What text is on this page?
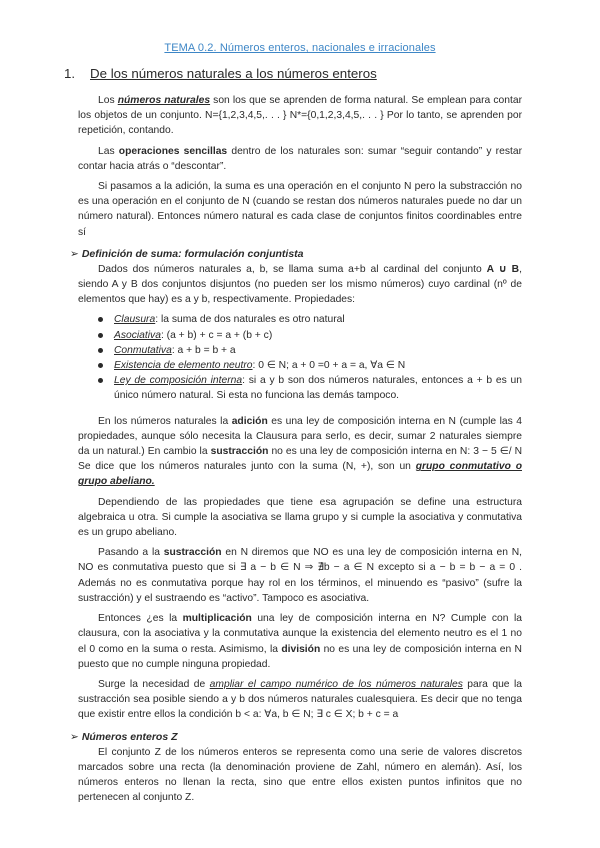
TEMA 0.2. Números enteros, nacionales e irracionales
1.	De los números naturales a los números enteros

Los números naturales son los que se aprenden de forma natural. Se emplean para contar los objetos de un conjunto. N={1,2,3,4,5,. . . } N*={0,1,2,3,4,5,. . . } Por lo tanto, se aprenden por repetición, contando.

Las operaciones sencillas dentro de los naturales son: sumar “seguir contando” y restar contar hacia atrás o “descontar”.

Si pasamos a la adición, la suma es una operación en el conjunto N pero la substracción no es una operación en el conjunto de N (cuando se restan dos números naturales puede no dar un número natural). Entonces número natural es cada clase de conjuntos finitos coordinables entre sí

➢ Definición de suma: formulación conjuntista

Dados dos números naturales a, b, se llama suma a+b al cardinal del conjunto A ∪ B, siendo A y B dos conjuntos disjuntos (no pueden ser los mismo números) cuyo cardinal (nº de elementos que hay) es a y b, respectivamente. Propiedades:

Clausura: la suma de dos naturales es otro natural
Asociativa: (a + b) + c = a + (b + c)
Conmutativa: a + b = b + a
Existencia de elemento neutro: 0 ∈ N; a + 0 =0 + a = a, ∀a ∈ N
Ley de composición interna: si a y b son dos números naturales, entonces a + b es un único número natural. Si esta no funciona las demás tampoco.

En los números naturales la adición es una ley de composición interna en N (cumple las 4 propiedades, aunque sólo necesita la Clausura para serlo, es decir, sumar 2 naturales siempre da un natural.) En cambio la sustracción no es una ley de composición interna en N: 3 − 5 ∈/ N Se dice que los números naturales junto con la suma (N, +), son un grupo conmutativo o grupo abeliano.

Dependiendo de las propiedades que tiene esa agrupación se define una estructura algebraica u otra. Si cumple la asociativa se llama grupo y si cumple la asociativa y conmutativa es un grupo abeliano.

Pasando a la sustracción en N diremos que NO es una ley de composición interna en N, NO es conmutativa puesto que si ∃ a − b ∈ N ⇒ ∄b − a ∈ N excepto si a − b = b − a = 0 . Además no es conmutativa porque hay rol en los términos, el minuendo es “pasivo” (sufre la sustracción) y el sustraendo es “activo”. Tampoco es asociativa.

Entonces ¿es la multiplicación una ley de composición interna en N? Cumple con la clausura, con la asociativa y la conmutativa aunque la existencia del elemento neutro es el 1 no el 0 como en la suma o resta. Asimismo, la división no es una ley de composición interna en N puesto que no cumple ninguna propiedad.

Surge la necesidad de ampliar el campo numérico de los números naturales para que la sustracción sea posible siendo a y b dos números naturales cualesquiera. Es decir que no tenga que existir entre ellos la condición b < a: ∀a, b ∈ N; ∃ c ∈ X; b + c = a

➢ Números enteros Z

El conjunto Z de los números enteros se representa como una serie de valores discretos marcados sobre una recta (la denominación proviene de Zahl, número en alemán). Así, los números enteros no llenan la recta, sino que entre ellos existen puntos infinitos que no pertenecen al conjunto Z.
